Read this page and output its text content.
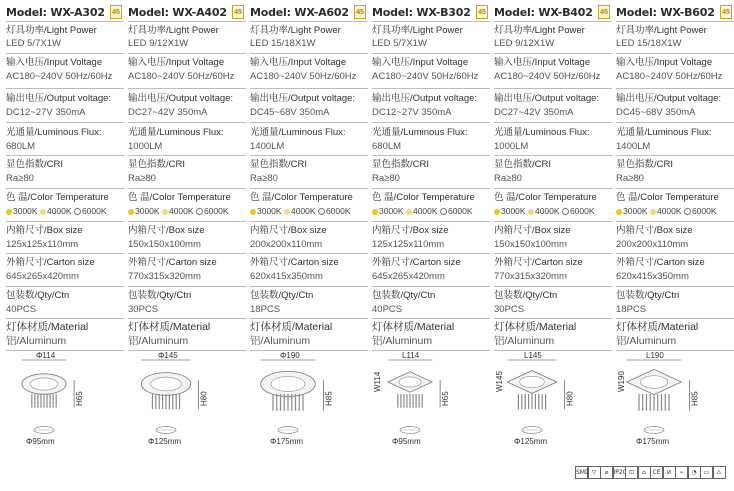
Model: WX-A302 45
灯具功率/Light Power
LED 5/7X1W
输入电压/Input Voltage
AC180~240V 50Hz/60Hz
输出电压/Output voltage:
DC12~27V 350mA
光通量/Luminous Flux:
680LM
显色指数/CRI
Ra≥80
色 温/Color Temperature
3000K 4000K 6000K
内箱尺寸/Box size
125x125x110mm
外箱尺寸/Carton size
645x265x420mm
包装数/Qty/Ctn
40PCS
灯体材质/Material
铝/Aluminum
Φ114
H65
Φ95mm
Model: WX-A402 45
灯具功率/Light Power
LED 9/12X1W
输入电压/Input Voltage
AC180~240V 50Hz/60Hz
输出电压/Output voltage:
DC27~42V 350mA
光通量/Luminous Flux:
1000LM
显色指数/CRI
Ra≥80
色 温/Color Temperature
3000K 4000K 6000K
内箱尺寸/Box size
150x150x100mm
外箱尺寸/Carton size
770x315x320mm
包装数/Qty/Ctn
30PCS
灯体材质/Material
铝/Aluminum
Φ145
H80
Φ125mm
Model: WX-A602 45
灯具功率/Light Power
LED 15/18X1W
输入电压/Input Voltage
AC180~240V 50Hz/60Hz
输出电压/Output voltage:
DC45~68V 350mA
光通量/Luminous Flux:
1400LM
显色指数/CRI
Ra≥80
色 温/Color Temperature
3000K 4000K 6000K
内箱尺寸/Box size
200x200x110mm
外箱尺寸/Carton size
620x415x350mm
包装数/Qty/Ctn
18PCS
灯体材质/Material
铝/Aluminum
Φ190
H85
Φ175mm
Model: WX-B302 45
灯具功率/Light Power
LED 5/7X1W
输入电压/Input Voltage
AC180~240V 50Hz/60Hz
输出电压/Output voltage:
DC12~27V 350mA
光通量/Luminous Flux:
680LM
显色指数/CRI
Ra≥80
色 温/Color Temperature
3000K 4000K 6000K
内箱尺寸/Box size
125x125x110mm
外箱尺寸/Carton size
645x265x420mm
包装数/Qty/Ctn
40PCS
灯体材质/Material
铝/Aluminum
L114
W114
H65
Φ95mm
Model: WX-B402 45
灯具功率/Light Power
LED 9/12X1W
输入电压/Input Voltage
AC180~240V 50Hz/60Hz
输出电压/Output voltage:
DC27~42V 350mA
光通量/Luminous Flux:
1000LM
显色指数/CRI
Ra≥80
色 温/Color Temperature
3000K 4000K 6000K
内箱尺寸/Box size
150x150x100mm
外箱尺寸/Carton size
770x315x320mm
包装数/Qty/Ctn
30PCS
灯体材质/Material
铝/Aluminum
L145
W145
H80
Φ125mm
Model: WX-B602 45
灯具功率/Light Power
LED 15/18X1W
输入电压/Input Voltage
AC180~240V 50Hz/60Hz
输出电压/Output voltage:
DC45~68V 350mA
光通量/Luminous Flux:
1400LM
显色指数/CRI
Ra≥80
色 温/Color Temperature
3000K 4000K 6000K
内箱尺寸/Box size
200x200x110mm
外箱尺寸/Carton size
620x415x350mm
包装数/Qty/Ctn
18PCS
灯体材质/Material
铝/Aluminum
L190
W190
H85
Φ175mm
SMD ▽	⌀ IP20 ⊡	⌂	CE	⊘	⌁	◔	▭	⚠
